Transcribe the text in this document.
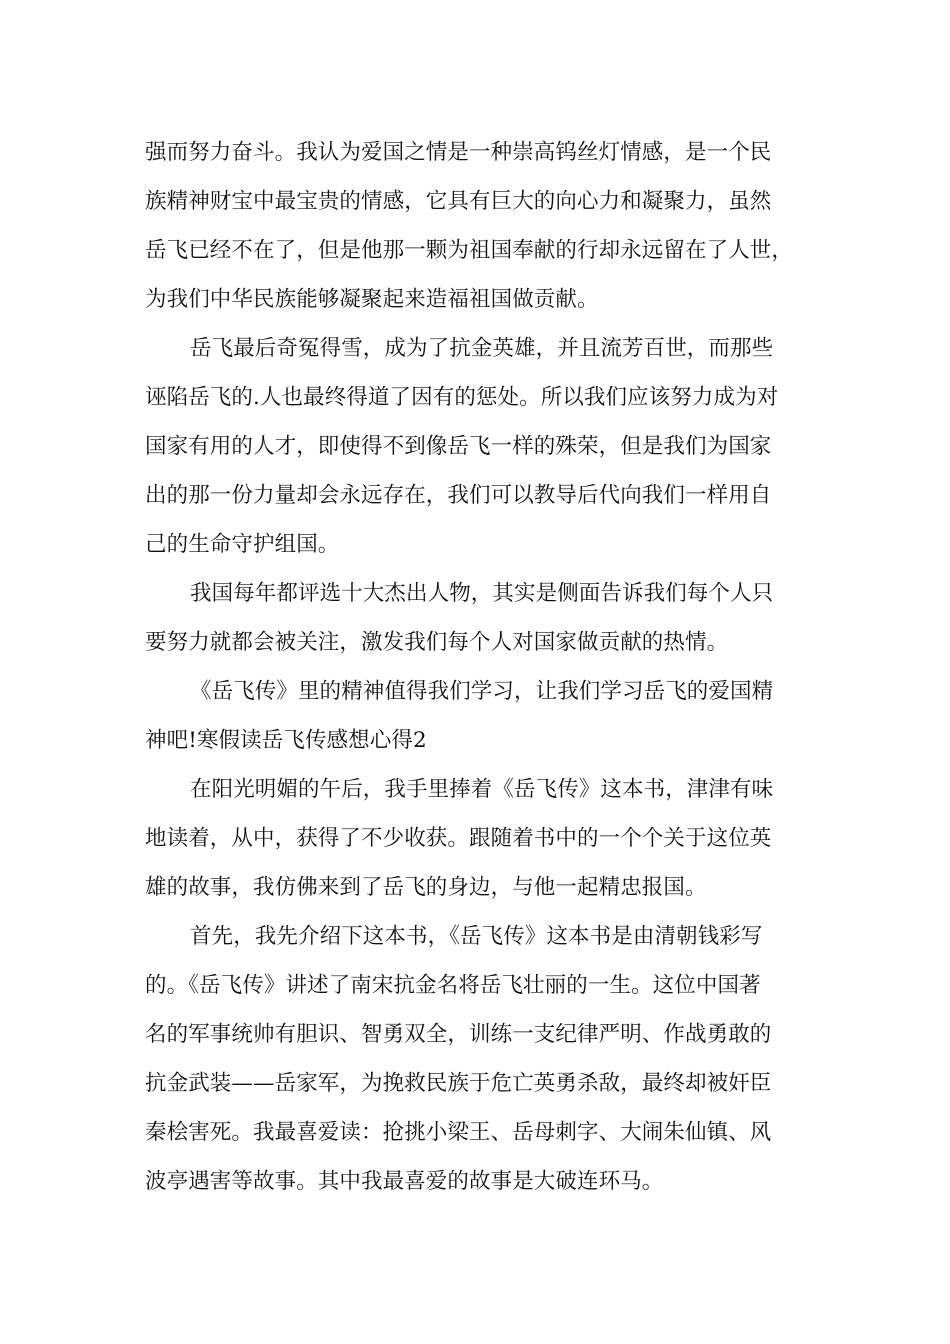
强而努力奋斗。我认为爱国之情是一种崇高钨丝灯情感，是一个民
族精神财宝中最宝贵的情感，它具有巨大的向心力和凝聚力，虽然
岳飞已经不在了，但是他那一颗为祖国奉献的行却永远留在了人世，
为我们中华民族能够凝聚起来造福祖国做贡献。
岳飞最后奇冤得雪，成为了抗金英雄，并且流芳百世，而那些
诬陷岳飞的.人也最终得道了因有的惩处。所以我们应该努力成为对
国家有用的人才，即使得不到像岳飞一样的殊荣，但是我们为国家
出的那一份力量却会永远存在，我们可以教导后代向我们一样用自
己的生命守护组国。
我国每年都评选十大杰出人物，其实是侧面告诉我们每个人只
要努力就都会被关注，激发我们每个人对国家做贡献的热情。
《岳飞传》里的精神值得我们学习，让我们学习岳飞的爱国精
神吧!寒假读岳飞传感想心得2
在阳光明媚的午后，我手里捧着《岳飞传》这本书，津津有味
地读着，从中，获得了不少收获。跟随着书中的一个个关于这位英
雄的故事，我仿佛来到了岳飞的身边，与他一起精忠报国。
首先，我先介绍下这本书，《岳飞传》这本书是由清朝钱彩写
的。《岳飞传》讲述了南宋抗金名将岳飞壮丽的一生。这位中国著
名的军事统帅有胆识、智勇双全，训练一支纪律严明、作战勇敢的
抗金武装——岳家军，为挽救民族于危亡英勇杀敌，最终却被奸臣
秦桧害死。我最喜爱读：抢挑小梁王、岳母刺字、大闹朱仙镇、风
波亭遇害等故事。其中我最喜爱的故事是大破连环马。
